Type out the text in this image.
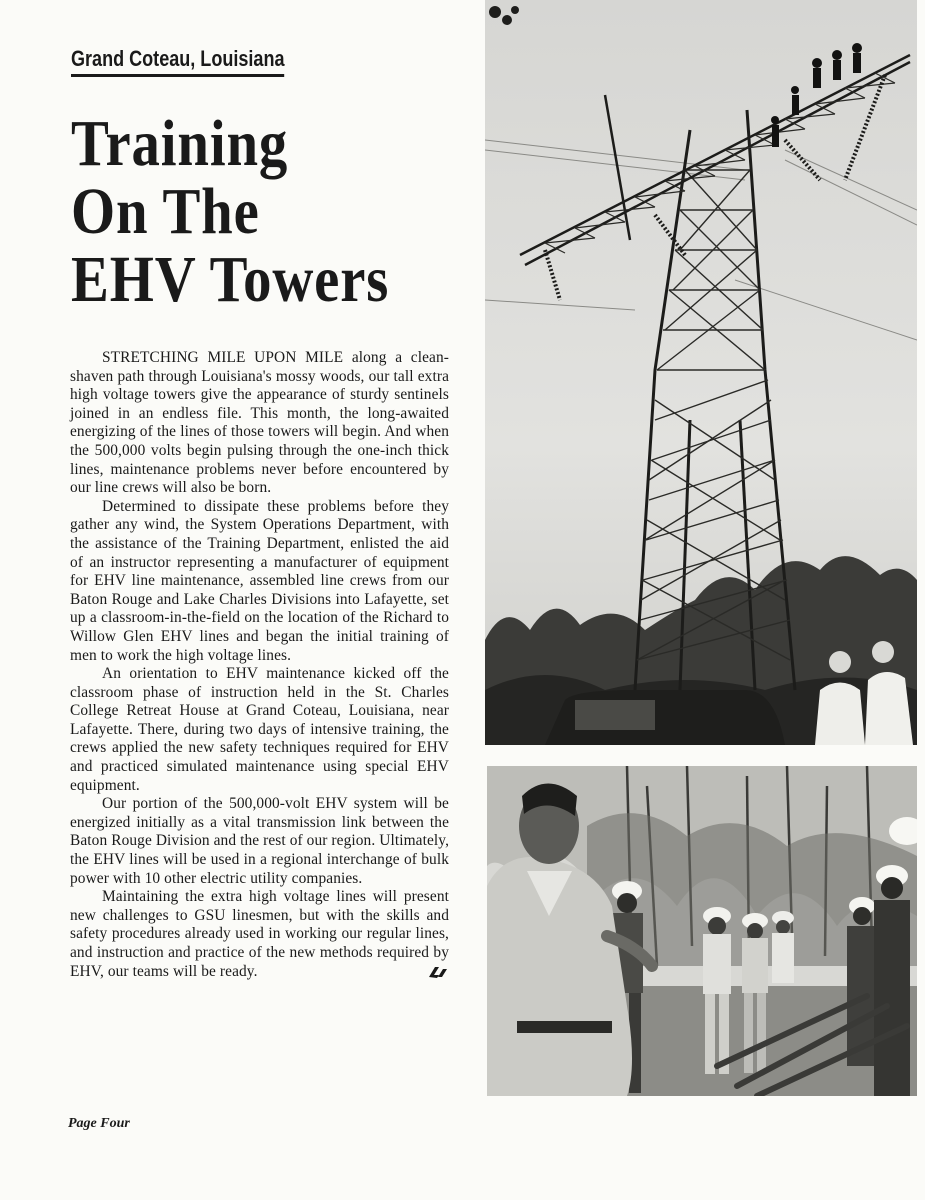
Grand Coteau, Louisiana
Training
On The
EHV Towers

STRETCHING MILE UPON MILE along a clean-shaven path through Louisiana's mossy woods, our tall extra high voltage towers give the appearance of sturdy sentinels joined in an endless file. This month, the long-awaited energizing of the lines of those towers will begin. And when the 500,000 volts begin pulsing through the one-inch thick lines, maintenance problems never before encountered by our line crews will also be born.

Determined to dissipate these problems before they gather any wind, the System Operations Department, with the assistance of the Training Department, enlisted the aid of an instructor representing a manufacturer of equipment for EHV line maintenance, assembled line crews from our Baton Rouge and Lake Charles Divisions into Lafayette, set up a classroom-in-the-field on the location of the Richard to Willow Glen EHV lines and began the initial training of men to work the high voltage lines.

An orientation to EHV maintenance kicked off the classroom phase of instruction held in the St. Charles College Retreat House at Grand Coteau, Louisiana, near Lafayette. There, during two days of intensive training, the crews applied the new safety techniques required for EHV and practiced simulated maintenance using special EHV equipment.

Our portion of the 500,000-volt EHV system will be energized initially as a vital transmission link between the Baton Rouge Division and the rest of our region. Ultimately, the EHV lines will be used in a regional interchange of bulk power with 10 other electric utility companies.

Maintaining the extra high voltage lines will present new challenges to GSU linesmen, but with the skills and safety procedures already used in working our regular lines, and instruction and practice of the new methods required by EHV, our teams will be ready.

Page Four
